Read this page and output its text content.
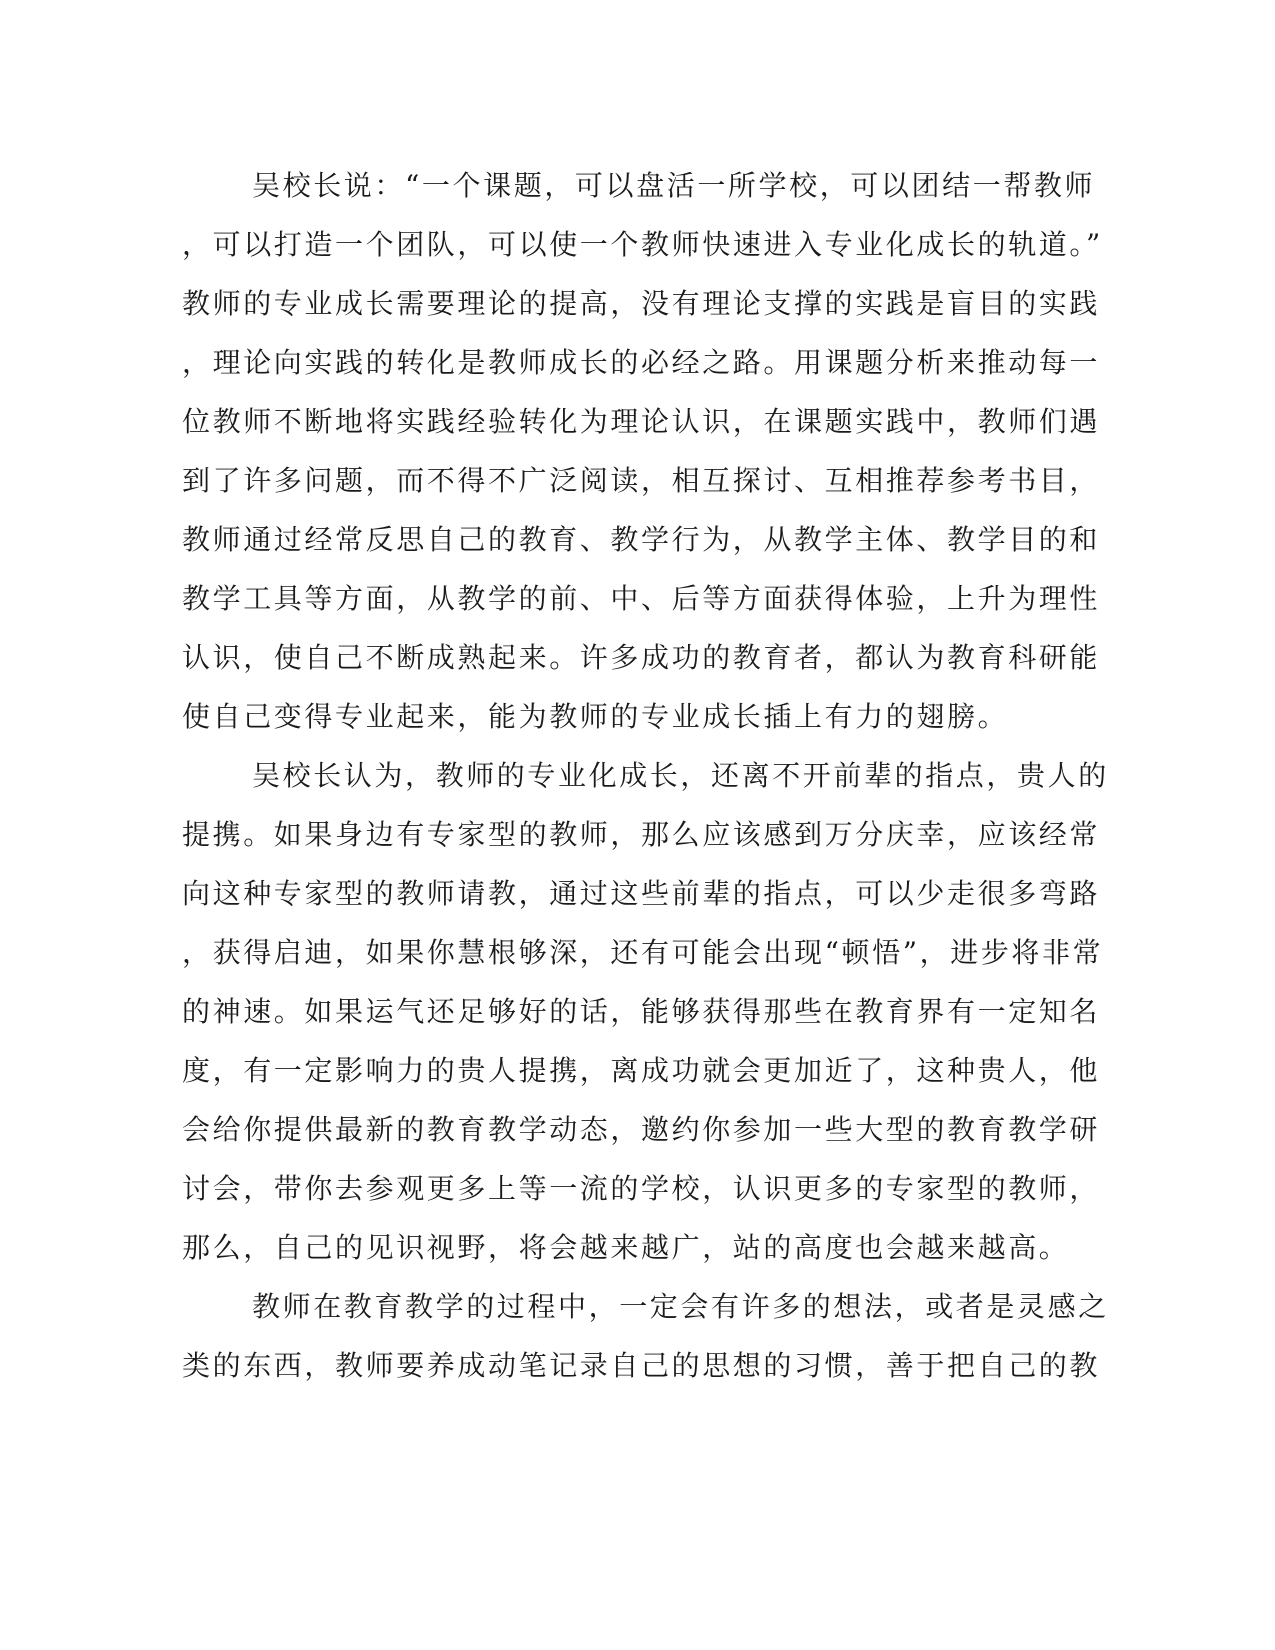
吴校长说：“一个课题，可以盘活一所学校，可以团结一帮教师
，可以打造一个团队，可以使一个教师快速进入专业化成长的轨道。”
教师的专业成长需要理论的提高，没有理论支撑的实践是盲目的实践
，理论向实践的转化是教师成长的必经之路。用课题分析来推动每一
位教师不断地将实践经验转化为理论认识，在课题实践中，教师们遇
到了许多问题，而不得不广泛阅读，相互探讨、互相推荐参考书目，
教师通过经常反思自己的教育、教学行为，从教学主体、教学目的和
教学工具等方面，从教学的前、中、后等方面获得体验，上升为理性
认识，使自己不断成熟起来。许多成功的教育者，都认为教育科研能
使自己变得专业起来，能为教师的专业成长插上有力的翅膀。
吴校长认为，教师的专业化成长，还离不开前辈的指点，贵人的
提携。如果身边有专家型的教师，那么应该感到万分庆幸，应该经常
向这种专家型的教师请教，通过这些前辈的指点，可以少走很多弯路
，获得启迪，如果你慧根够深，还有可能会出现“顿悟”，进步将非常
的神速。如果运气还足够好的话，能够获得那些在教育界有一定知名
度，有一定影响力的贵人提携，离成功就会更加近了，这种贵人，他
会给你提供最新的教育教学动态，邀约你参加一些大型的教育教学研
讨会，带你去参观更多上等一流的学校，认识更多的专家型的教师，
那么，自己的见识视野，将会越来越广，站的高度也会越来越高。
教师在教育教学的过程中，一定会有许多的想法，或者是灵感之
类的东西，教师要养成动笔记录自己的思想的习惯，善于把自己的教
